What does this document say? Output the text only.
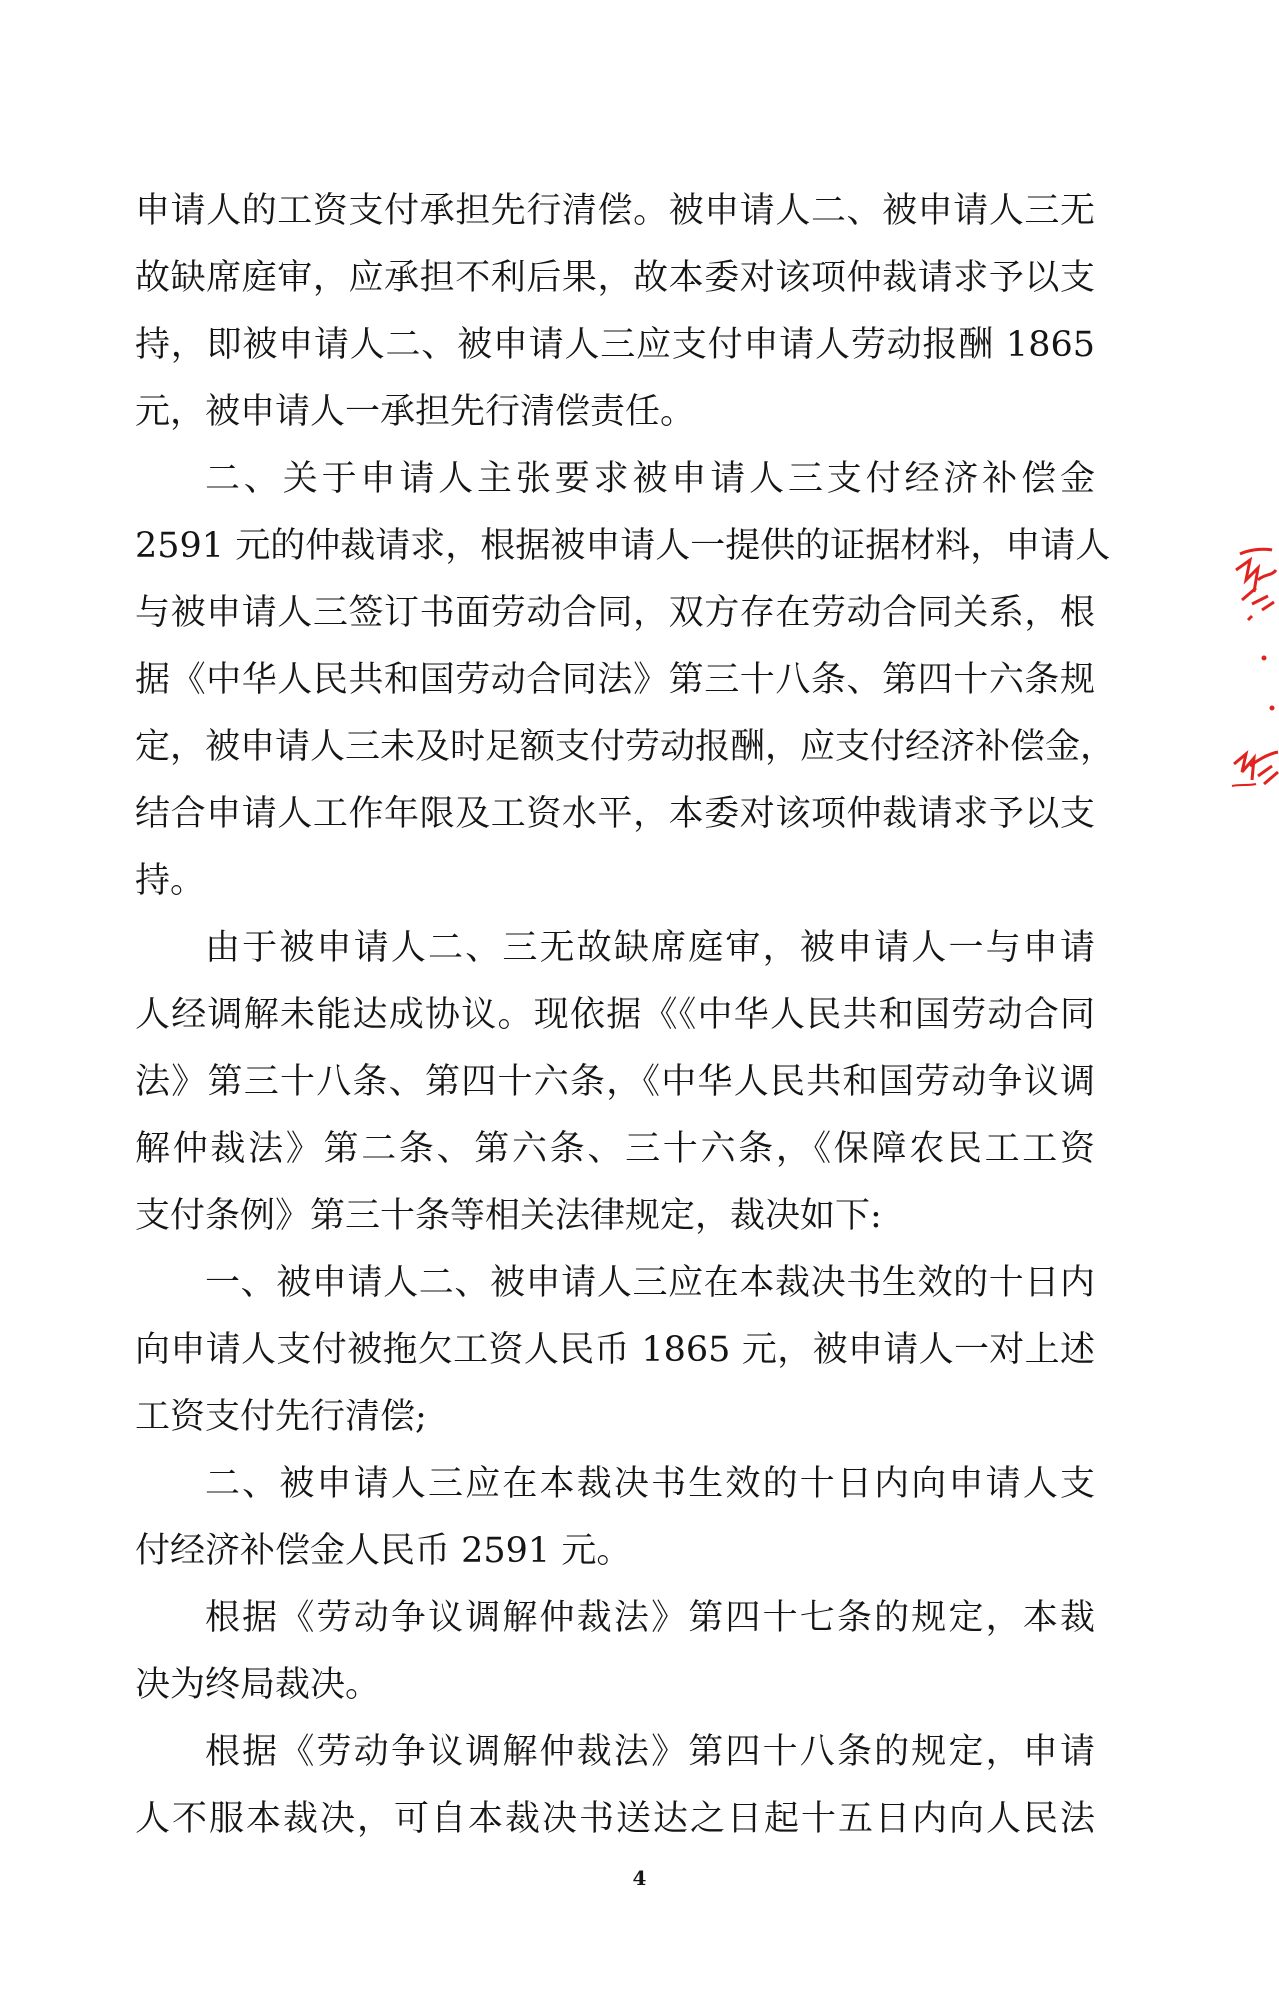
申请人的工资支付承担先行清偿。被申请人二、被申请人三无
故缺席庭审，应承担不利后果，故本委对该项仲裁请求予以支
持，即被申请人二、被申请人三应支付申请人劳动报酬 1865
元，被申请人一承担先行清偿责任。
二、关于申请人主张要求被申请人三支付经济补偿金
2591 元的仲裁请求，根据被申请人一提供的证据材料，申请人
与被申请人三签订书面劳动合同，双方存在劳动合同关系，根
据《中华人民共和国劳动合同法》第三十八条、第四十六条规
定，被申请人三未及时足额支付劳动报酬，应支付经济补偿金，
结合申请人工作年限及工资水平，本委对该项仲裁请求予以支
持。
由于被申请人二、三无故缺席庭审，被申请人一与申请
人经调解未能达成协议。现依据《《中华人民共和国劳动合同
法》第三十八条、第四十六条，《中华人民共和国劳动争议调
解仲裁法》第二条、第六条、三十六条，《保障农民工工资
支付条例》第三十条等相关法律规定，裁决如下:
一、被申请人二、被申请人三应在本裁决书生效的十日内
向申请人支付被拖欠工资人民币 1865 元，被申请人一对上述
工资支付先行清偿;
二、被申请人三应在本裁决书生效的十日内向申请人支
付经济补偿金人民币 2591 元。
根据《劳动争议调解仲裁法》第四十七条的规定，本裁
决为终局裁决。
根据《劳动争议调解仲裁法》第四十八条的规定，申请
人不服本裁决，可自本裁决书送达之日起十五日内向人民法
4
